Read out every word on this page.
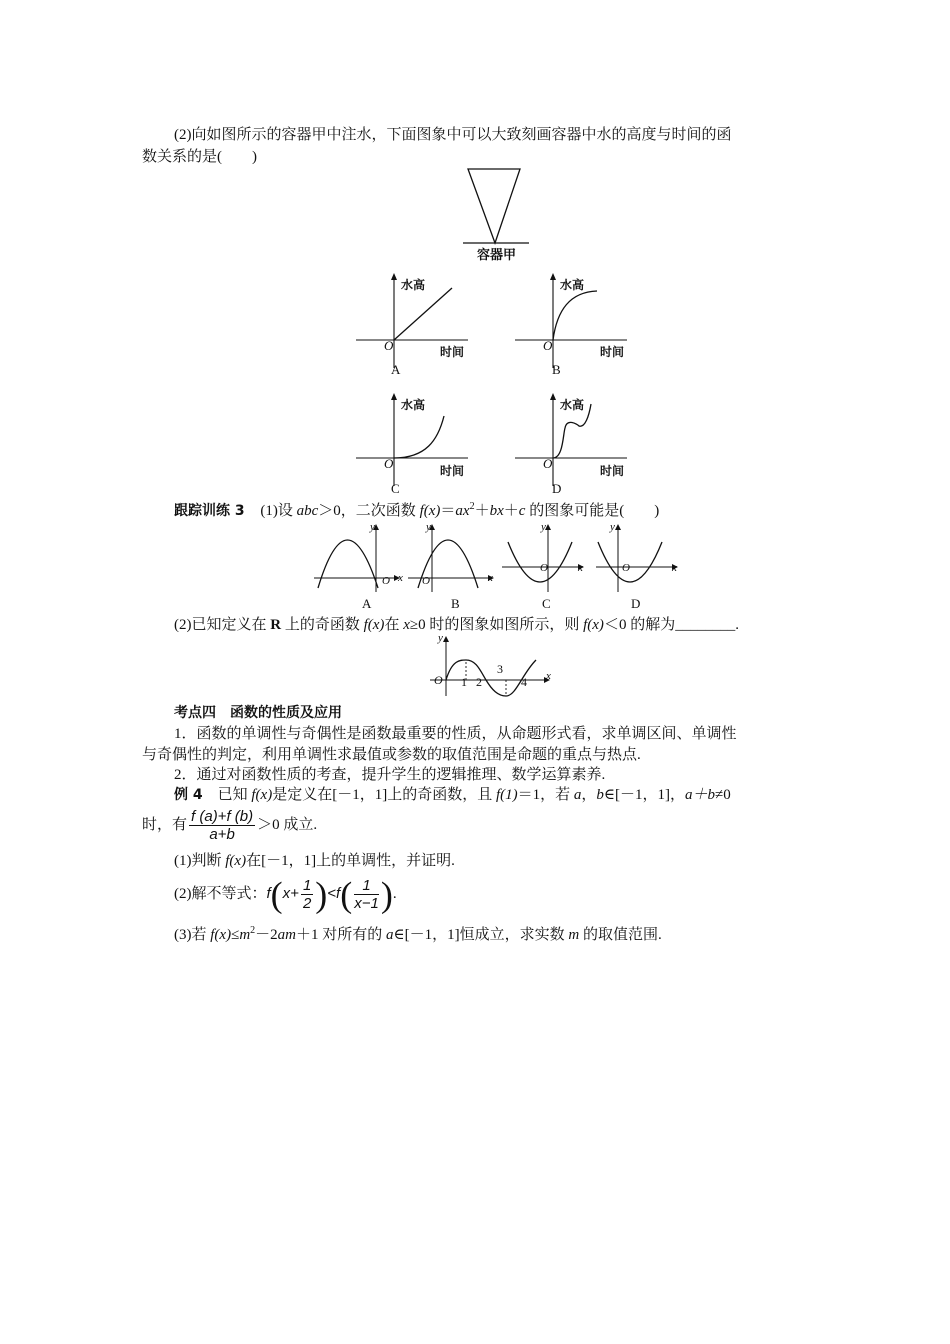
(2)向如图所示的容器甲中注水，下面图象中可以大致刻画容器中水的高度与时间的函
数关系的是(　　)
容器甲
水高
时间
O
A
水高
时间
O
B
水高
时间
O
C
水高
时间
O
D
跟踪训练 3 (1)设 abc＞0，二次函数 $f(x)=ax^2+bx+c$ 的图象可能是(　　)
y
x
O
y
x
O
y
x
O
y
x
O
A	B	C	D
(2)已知定义在 R 上的奇函数 f(x)在 x≥0 时的图象如图所示，则 f(x)＜0 的解为________.
y
O	x
1 2
3
4
考点四　函数的性质及应用
1．函数的单调性与奇偶性是函数最重要的性质，从命题形式看，求单调区间、单调性
与奇偶性的判定，利用单调性求最值或参数的取值范围是命题的重点与热点.
2．通过对函数性质的考查，提升学生的逻辑推理、数学运算素养.
例 4　已知 f(x)是定义在[－1，1]上的奇函数，且 f(1)＝1，若 a，b∈[－1，1]，a＋b≠0
时，有 $\frac{f (a)+f (b)}{a+b} >0$ 成立.
(1)判断 f(x)在[－1，1]上的单调性，并证明.
(2)解不等式：$f(x+ \frac{1}{2} )<f( \frac{1}{x-1}$ ).
(3)若 $f(x)\le m^2-2am+1$ 对所有的 a∈[－1，1]恒成立，求实数 m 的取值范围.
